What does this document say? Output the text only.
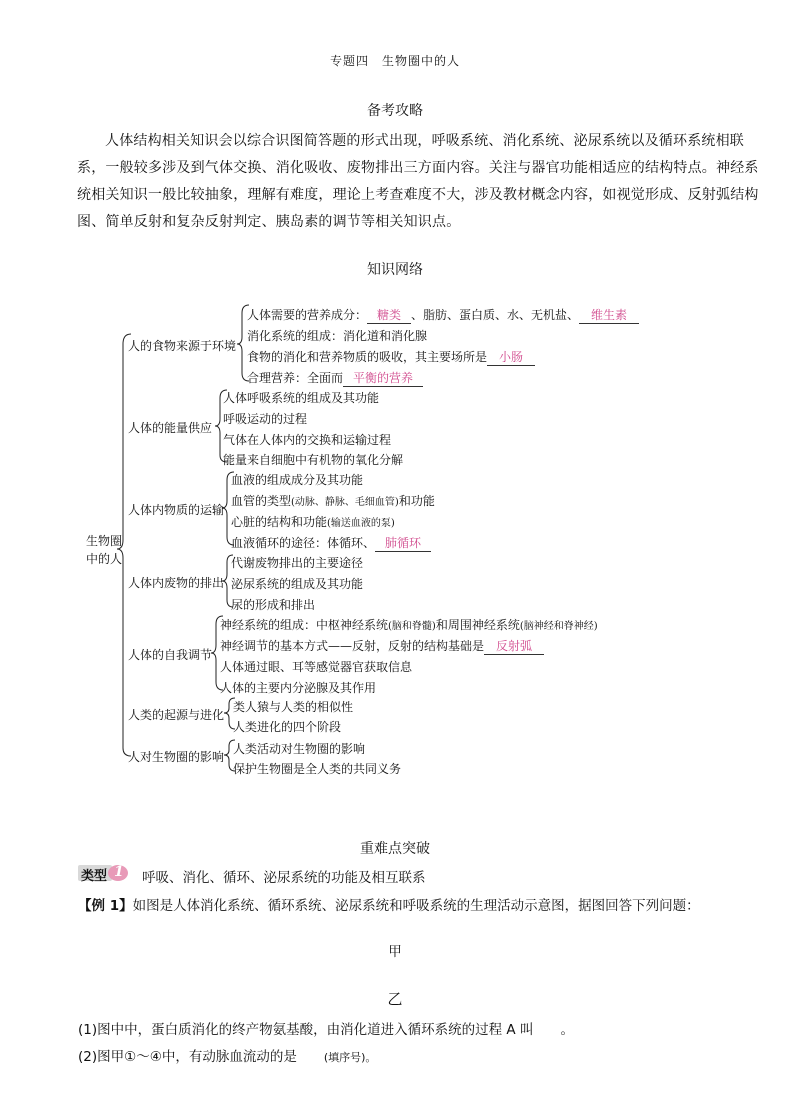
专题四　生物圈中的人
备考攻略
人体结构相关知识会以综合识图简答题的形式出现，呼吸系统、消化系统、泌尿系统以及循环系统相联系，一般较多涉及到气体交换、消化吸收、废物排出三方面内容。关注与器官功能相适应的结构特点。神经系统相关知识一般比较抽象，理解有难度，理论上考查难度不大，涉及教材概念内容，如视觉形成、反射弧结构图、简单反射和复杂反射判定、胰岛素的调节等相关知识点。
知识网络
生物圈
中的人
人的食物来源于环境
人体的能量供应
人体内物质的运输
人体内废物的排出
人体的自我调节
人类的起源与进化
人对生物圈的影响
人体需要的营养成分： 糖类 、脂肪、蛋白质、水、无机盐、 维生素
消化系统的组成：消化道和消化腺
食物的消化和营养物质的吸收，其主要场所是 小肠
合理营养：全面而 平衡的营养
人体呼吸系统的组成及其功能
呼吸运动的过程
气体在人体内的交换和运输过程
能量来自细胞中有机物的氧化分解
血液的组成成分及其功能
血管的类型(动脉、静脉、毛细血管)和功能
心脏的结构和功能(输送血液的泵)
血液循环的途径：体循环、 肺循环
代谢废物排出的主要途径
泌尿系统的组成及其功能
尿的形成和排出
神经系统的组成：中枢神经系统(脑和脊髓)和周围神经系统(脑神经和脊神经)
神经调节的基本方式——反射，反射的结构基础是 反射弧
人体通过眼、耳等感觉器官获取信息
人体的主要内分泌腺及其作用
类人猿与人类的相似性
人类进化的四个阶段
人类活动对生物圈的影响
保护生物圈是全人类的共同义务
重难点突破
类型 1 呼吸、消化、循环、泌尿系统的功能及相互联系
【例 1】如图是人体消化系统、循环系统、泌尿系统和呼吸系统的生理活动示意图，据图回答下列问题：
甲
乙
(1)图中中，蛋白质消化的终产物氨基酸，由消化道进入循环系统的过程 A 叫　　。
(2)图甲①～④中，有动脉血流动的是　　(填序号)。
